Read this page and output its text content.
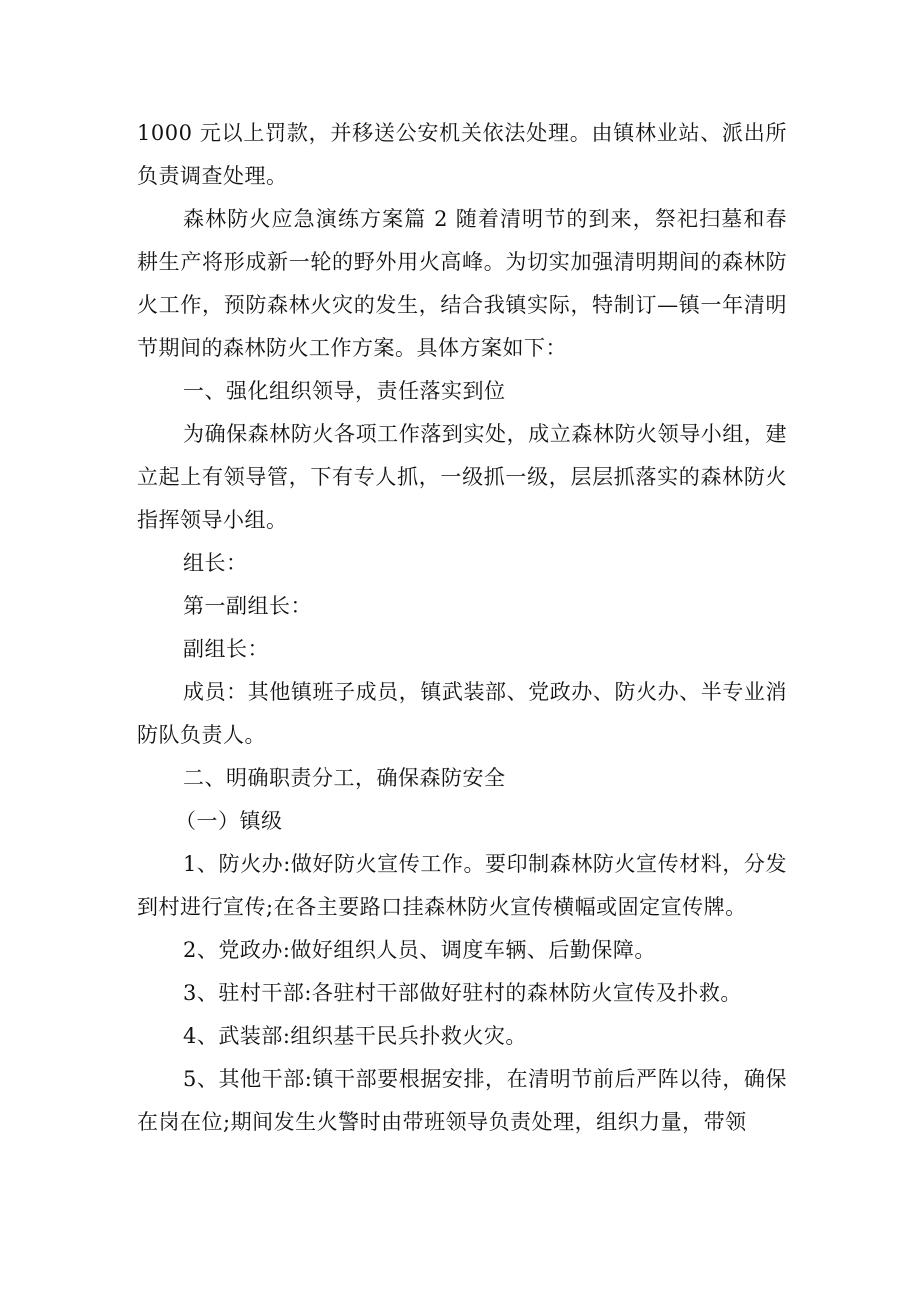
1000 元以上罚款，并移送公安机关依法处理。由镇林业站、派出所负责调查处理。

森林防火应急演练方案篇 2 随着清明节的到来，祭祀扫墓和春耕生产将形成新一轮的野外用火高峰。为切实加强清明期间的森林防火工作，预防森林火灾的发生，结合我镇实际，特制订—镇一年清明节期间的森林防火工作方案。具体方案如下：

一、强化组织领导，责任落实到位

为确保森林防火各项工作落到实处，成立森林防火领导小组，建立起上有领导管，下有专人抓，一级抓一级，层层抓落实的森林防火指挥领导小组。

组长：

第一副组长：

副组长：

成员：其他镇班子成员，镇武装部、党政办、防火办、半专业消防队负责人。

二、明确职责分工，确保森防安全

（一）镇级

1、防火办:做好防火宣传工作。要印制森林防火宣传材料，分发到村进行宣传;在各主要路口挂森林防火宣传横幅或固定宣传牌。

2、党政办:做好组织人员、调度车辆、后勤保障。

3、驻村干部:各驻村干部做好驻村的森林防火宣传及扑救。

4、武装部:组织基干民兵扑救火灾。

5、其他干部:镇干部要根据安排，在清明节前后严阵以待，确保在岗在位;期间发生火警时由带班领导负责处理，组织力量，带领
